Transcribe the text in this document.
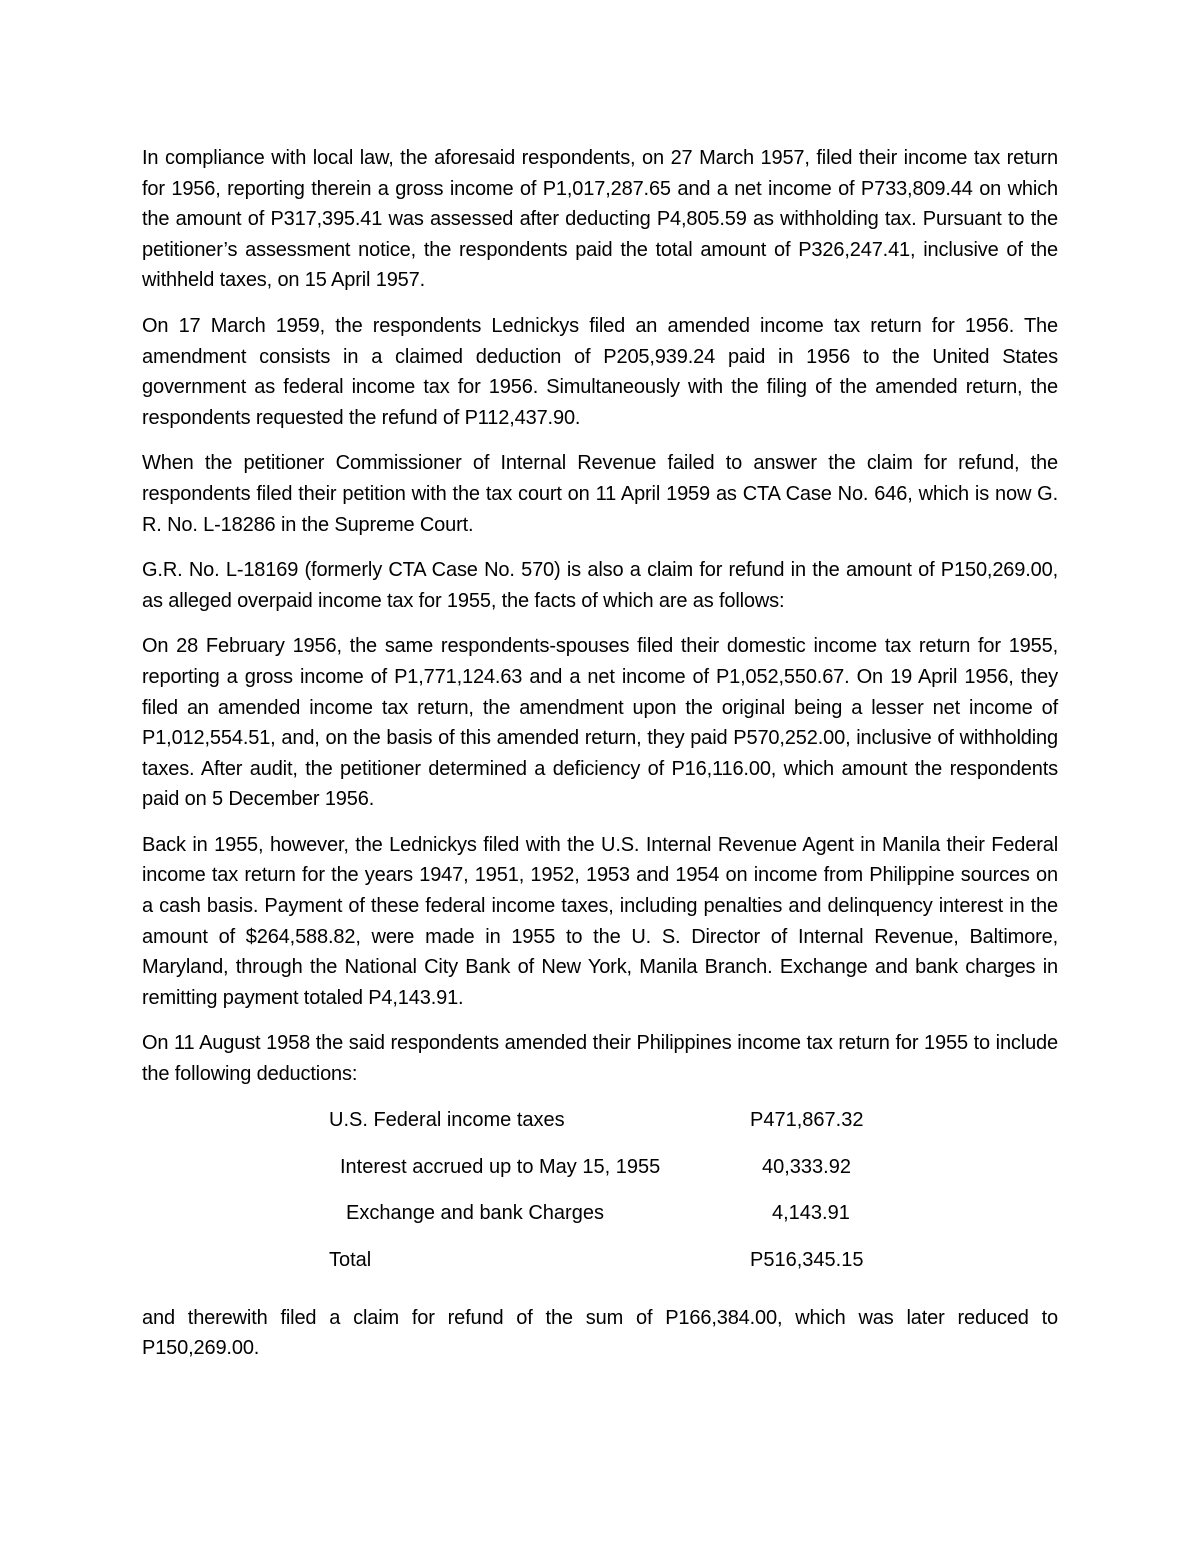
In compliance with local law, the aforesaid respondents, on 27 March 1957, filed their income tax return for 1956, reporting therein a gross income of P1,017,287.65 and a net income of P733,809.44 on which the amount of P317,395.41 was assessed after deducting P4,805.59 as withholding tax. Pursuant to the petitioner’s assessment notice, the respondents paid the total amount of P326,247.41, inclusive of the withheld taxes, on 15 April 1957.

On 17 March 1959, the respondents Lednickys filed an amended income tax return for 1956. The amendment consists in a claimed deduction of P205,939.24 paid in 1956 to the United States government as federal income tax for 1956. Simultaneously with the filing of the amended return, the respondents requested the refund of P112,437.90.

When the petitioner Commissioner of Internal Revenue failed to answer the claim for refund, the respondents filed their petition with the tax court on 11 April 1959 as CTA Case No. 646, which is now G. R. No. L-18286 in the Supreme Court.

G.R. No. L-18169 (formerly CTA Case No. 570) is also a claim for refund in the amount of P150,269.00, as alleged overpaid income tax for 1955, the facts of which are as follows:

On 28 February 1956, the same respondents-spouses filed their domestic income tax return for 1955, reporting a gross income of P1,771,124.63 and a net income of P1,052,550.67. On 19 April 1956, they filed an amended income tax return, the amendment upon the original being a lesser net income of P1,012,554.51, and, on the basis of this amended return, they paid P570,252.00, inclusive of withholding taxes. After audit, the petitioner determined a deficiency of P16,116.00, which amount the respondents paid on 5 December 1956.

Back in 1955, however, the Lednickys filed with the U.S. Internal Revenue Agent in Manila their Federal income tax return for the years 1947, 1951, 1952, 1953 and 1954 on income from Philippine sources on a cash basis. Payment of these federal income taxes, including penalties and delinquency interest in the amount of $264,588.82, were made in 1955 to the U. S. Director of Internal Revenue, Baltimore, Maryland, through the National City Bank of New York, Manila Branch. Exchange and bank charges in remitting payment totaled P4,143.91.

On 11 August 1958 the said respondents amended their Philippines income tax return for 1955 to include the following deductions:

U.S. Federal income taxes	P471,867.32
Interest accrued up to May 15, 1955	40,333.92
Exchange and bank Charges	4,143.91
Total	P516,345.15

and therewith filed a claim for refund of the sum of P166,384.00, which was later reduced to P150,269.00.
